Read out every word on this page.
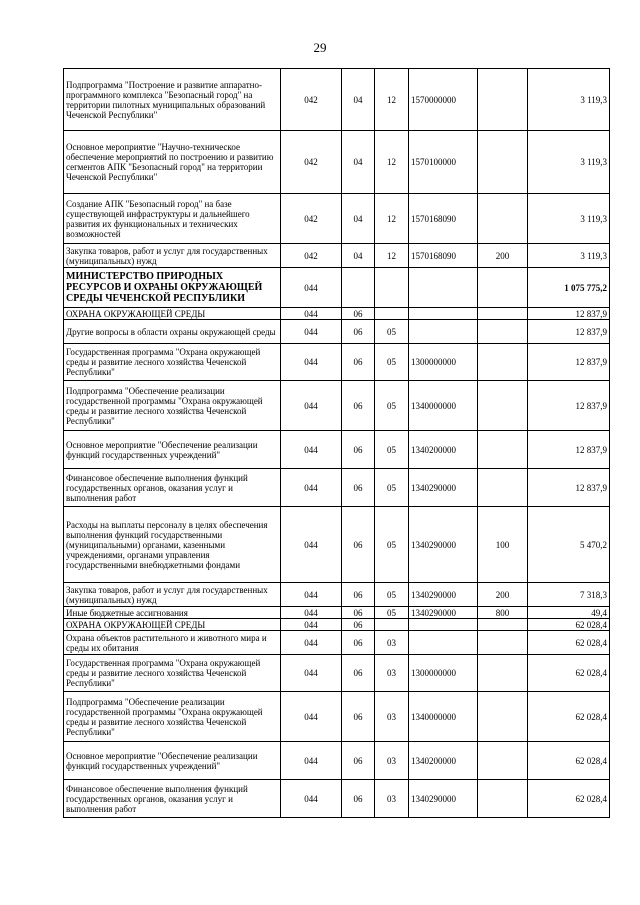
29
Подпрограмма "Построение и развитие аппаратно-программного комплекса "Безопасный город" на территории пилотных муниципальных образований Чеченской Республики"	042	04	12	1570000000		3 119,3
Основное мероприятие "Научно-техническое обеспечение мероприятий по построению и развитию сегментов АПК "Безопасный город" на территории Чеченской Республики"	042	04	12	1570100000		3 119,3
Создание АПК "Безопасный город" на базе существующей инфраструктуры и дальнейшего развития их функциональных и технических возможностей	042	04	12	1570168090		3 119,3
Закупка товаров, работ и услуг для государственных (муниципальных) нужд	042	04	12	1570168090	200	3 119,3
МИНИСТЕРСТВО ПРИРОДНЫХ РЕСУРСОВ И ОХРАНЫ ОКРУЖАЮЩЕЙ СРЕДЫ ЧЕЧЕНСКОЙ РЕСПУБЛИКИ	044					1 075 775,2
ОХРАНА ОКРУЖАЮЩЕЙ СРЕДЫ	044	06				12 837,9
Другие вопросы в области охраны окружающей среды	044	06	05			12 837,9
Государственная программа "Охрана окружающей среды и развитие лесного хозяйства Чеченской Республики"	044	06	05	1300000000		12 837,9
Подпрограмма "Обеспечение реализации государственной программы "Охрана окружающей среды и развитие лесного хозяйства Чеченской Республики"	044	06	05	1340000000		12 837,9
Основное мероприятие "Обеспечение реализации функций государственных учреждений"	044	06	05	1340200000		12 837,9
Финансовое обеспечение выполнения функций государственных органов, оказания услуг и выполнения работ	044	06	05	1340290000		12 837,9
Расходы на выплаты персоналу в целях обеспечения выполнения функций государственными (муниципальными) органами, казенными учреждениями, органами управления государственными внебюджетными фондами	044	06	05	1340290000	100	5 470,2
Закупка товаров, работ и услуг для государственных (муниципальных) нужд	044	06	05	1340290000	200	7 318,3
Иные бюджетные ассигнования	044	06	05	1340290000	800	49,4
ОХРАНА ОКРУЖАЮЩЕЙ СРЕДЫ	044	06				62 028,4
Охрана объектов растительного и животного мира и среды их обитания	044	06	03			62 028,4
Государственная программа "Охрана окружающей среды и развитие лесного хозяйства Чеченской Республики"	044	06	03	1300000000		62 028,4
Подпрограмма "Обеспечение реализации государственной программы "Охрана окружающей среды и развитие лесного хозяйства Чеченской Республики"	044	06	03	1340000000		62 028,4
Основное мероприятие "Обеспечение реализации функций государственных учреждений"	044	06	03	1340200000		62 028,4
Финансовое обеспечение выполнения функций государственных органов, оказания услуг и выполнения работ	044	06	03	1340290000		62 028,4
